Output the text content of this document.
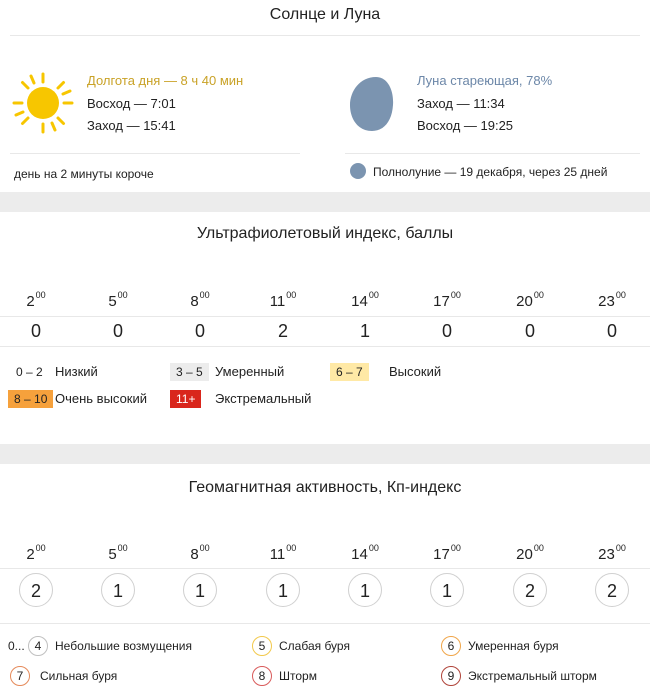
Солнце и Луна
Долгота дня — 8 ч 40 мин
Восход — 7:01
Заход — 15:41
день на 2 минуты короче
Луна стареющая, 78%
Заход — 11:34
Восход — 19:25
Полнолуние — 19 декабря, через 25 дней
Ультрафиолетовый индекс, баллы
$2^{00}$	$5^{00}$	$8^{00}$	$11^{00}$	$14^{00}$	$17^{00}$	$20^{00}$	$23^{00}$
0	0	0	2	1	0	0	0
0 – 2 Низкий	3 – 5 Умеренный	6 – 7	Высокий
8 – 10 Очень высокий	11+	Экстремальный
Геомагнитная активность, Кп-индекс
$2^{00}$	$5^{00}$	$8^{00}$	$11^{00}$	$14^{00}$	$17^{00}$	$20^{00}$	$23^{00}$
2	1	1	1	1	1	2	2
0... 4	Небольшие возмущения	5	Слабая буря	6	Умеренная буря
7	Сильная буря	8	Шторм	9	Экстремальный шторм
